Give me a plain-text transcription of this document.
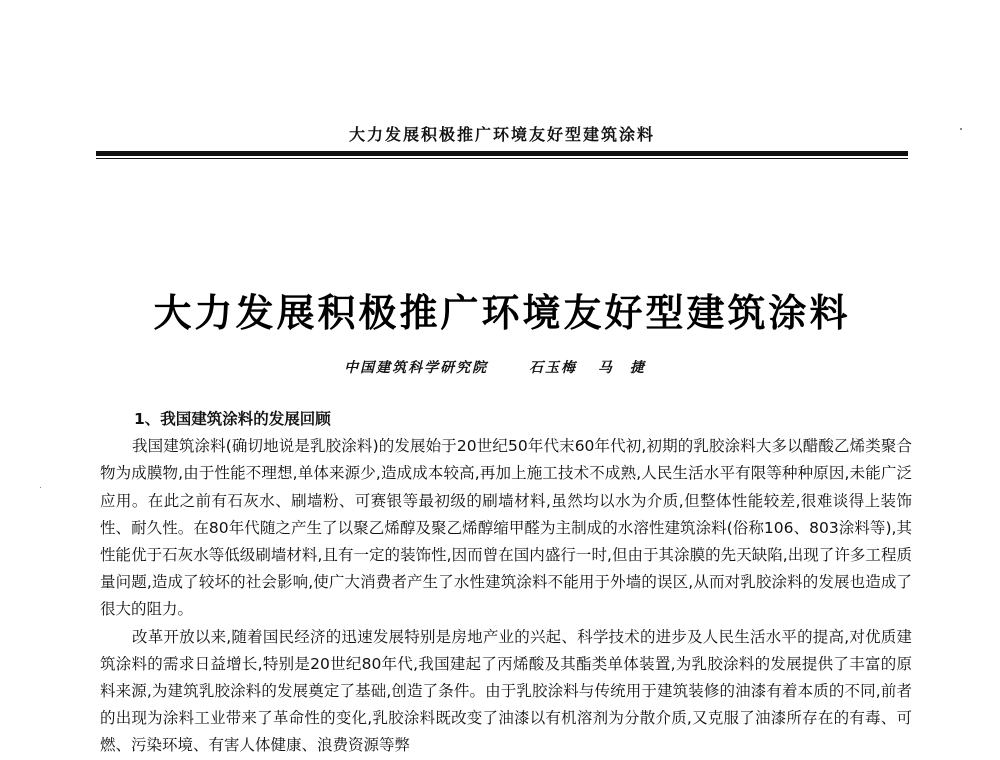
大力发展积极推广环境友好型建筑涂料
大力发展积极推广环境友好型建筑涂料
中国建筑科学研究院	石玉梅 马　捷
1、我国建筑涂料的发展回顾

我国建筑涂料(确切地说是乳胶涂料)的发展始于20世纪50年代末60年代初,初期的乳胶涂料大多以醋酸乙烯类聚合物为成膜物,由于性能不理想,单体来源少,造成成本较高,再加上施工技术不成熟,人民生活水平有限等种种原因,未能广泛应用。在此之前有石灰水、刷墙粉、可赛银等最初级的刷墙材料,虽然均以水为介质,但整体性能较差,很难谈得上装饰性、耐久性。在80年代随之产生了以聚乙烯醇及聚乙烯醇缩甲醛为主制成的水溶性建筑涂料(俗称106、803涂料等),其性能优于石灰水等低级刷墙材料,且有一定的装饰性,因而曾在国内盛行一时,但由于其涂膜的先天缺陷,出现了许多工程质量问题,造成了较坏的社会影响,使广大消费者产生了水性建筑涂料不能用于外墙的误区,从而对乳胶涂料的发展也造成了很大的阻力。

改革开放以来,随着国民经济的迅速发展特别是房地产业的兴起、科学技术的进步及人民生活水平的提高,对优质建筑涂料的需求日益增长,特别是20世纪80年代,我国建起了丙烯酸及其酯类单体装置,为乳胶涂料的发展提供了丰富的原料来源,为建筑乳胶涂料的发展奠定了基础,创造了条件。由于乳胶涂料与传统用于建筑装修的油漆有着本质的不同,前者的出现为涂料工业带来了革命性的变化,乳胶涂料既改变了油漆以有机溶剂为分散介质,又克服了油漆所存在的有毒、可燃、污染环境、有害人体健康、浪费资源等弊
